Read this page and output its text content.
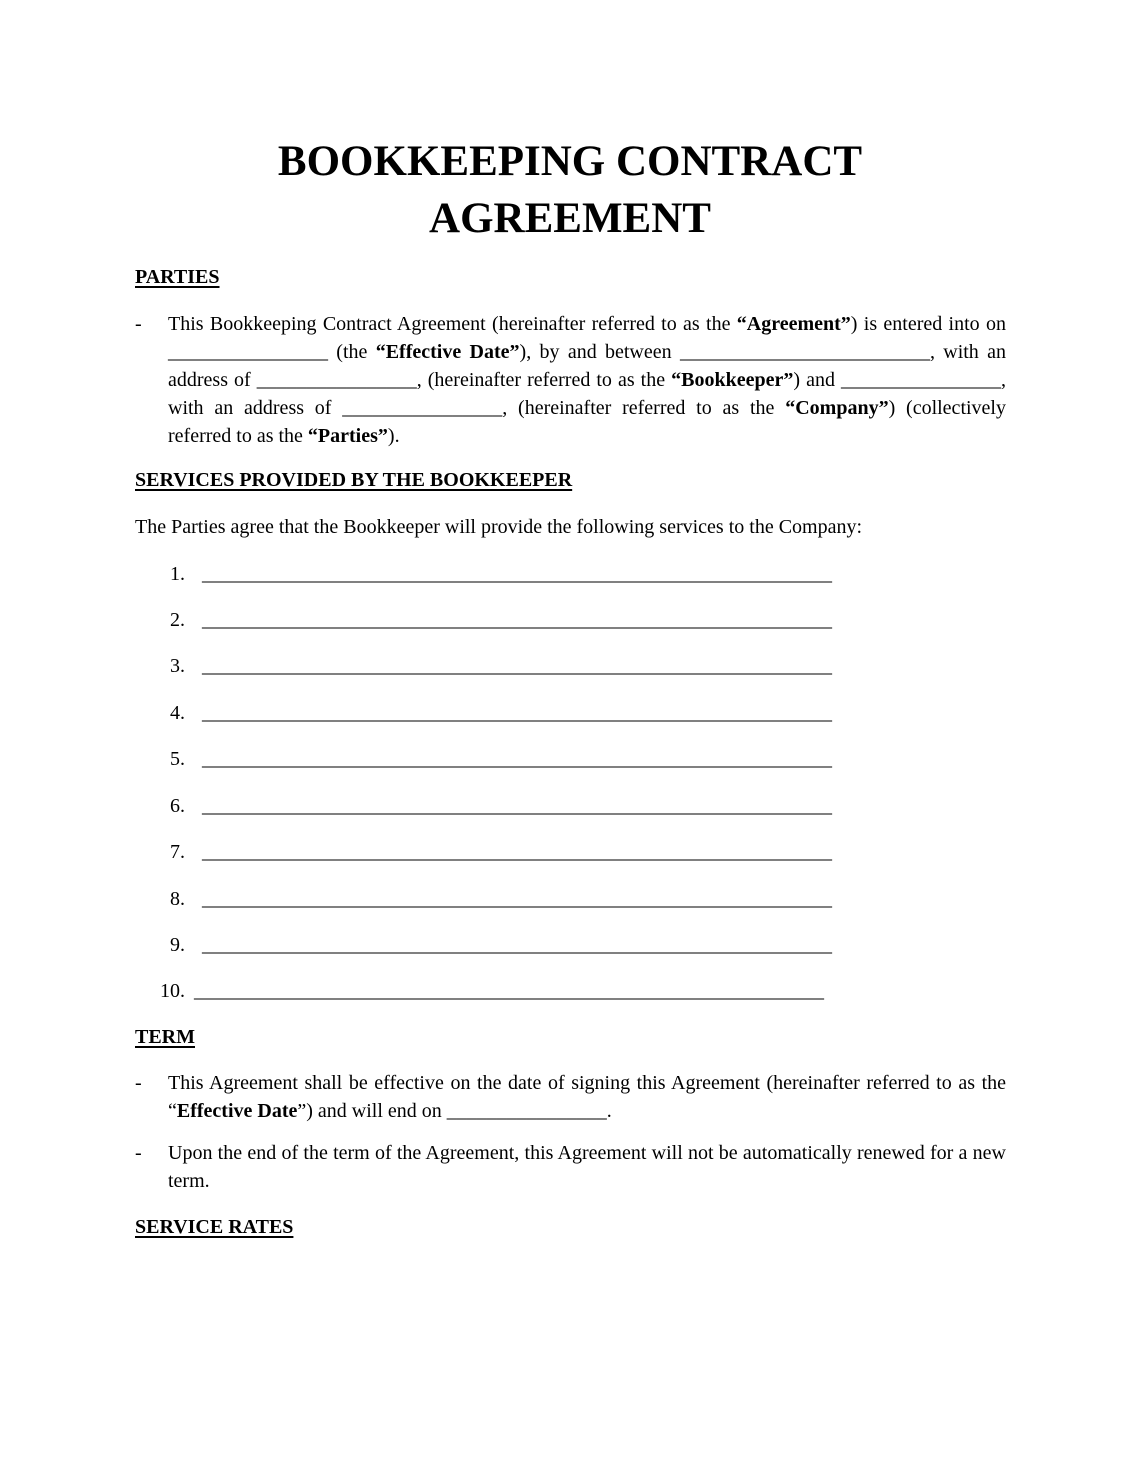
BOOKKEEPING CONTRACT
AGREEMENT
PARTIES
- This Bookkeeping Contract Agreement (hereinafter referred to as the “Agreement”) is entered into on ________________ (the “Effective Date”), by and between _________________________, with an address of ________________, (hereinafter referred to as the “Bookkeeper”) and ________________, with an address of ________________, (hereinafter referred to as the “Company”) (collectively referred to as the “Parties”).
SERVICES PROVIDED BY THE BOOKKEEPER

The Parties agree that the Bookkeeper will provide the following services to the Company:

1. _______________________________________________________________
2. _______________________________________________________________
3. _______________________________________________________________
4. _______________________________________________________________
5. _______________________________________________________________
6. _______________________________________________________________
7. _______________________________________________________________
8. _______________________________________________________________
9. _______________________________________________________________
10. _______________________________________________________________
TERM
- This Agreement shall be effective on the date of signing this Agreement (hereinafter referred to as the “Effective Date”) and will end on ________________.
- Upon the end of the term of the Agreement, this Agreement will not be automatically renewed for a new term.
SERVICE RATES
